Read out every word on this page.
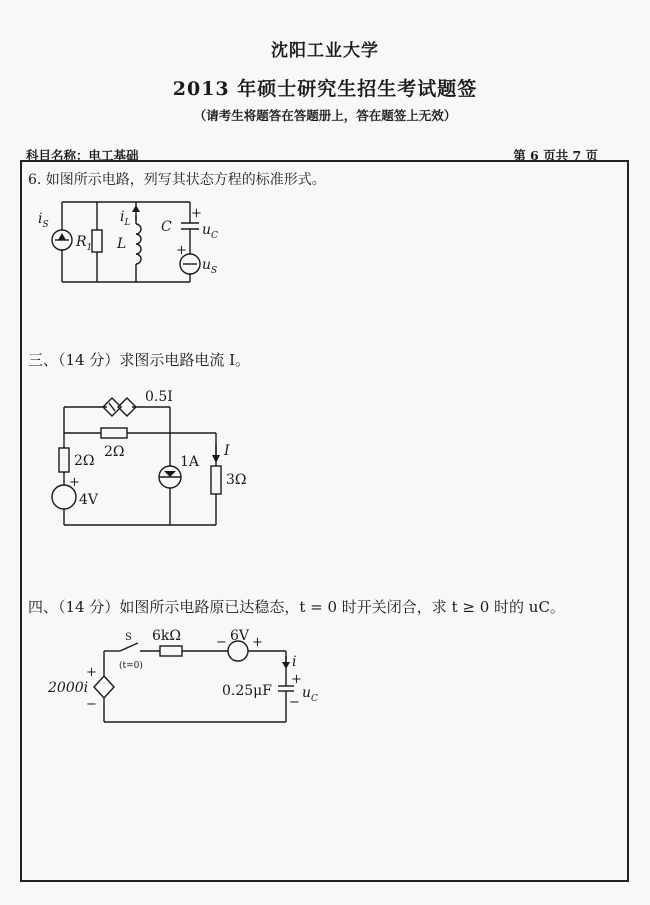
沈阳工业大学
2013 年硕士研究生招生考试题签
（请考生将题答在答题册上，答在题签上无效）
科目名称：电工基础	第 6 页共 7 页
6. 如图所示电路，列写其状态方程的标准形式。
三、（14 分）求图示电路电流 I。
四、（14 分）如图所示电路原已达稳态，t = 0 时开关闭合，求 t ≥ 0 时的 uC。
$i_S$
$R_1$
$i_L$
L
C
+
$u_C$
+
$u_S$
0.5I
2Ω
2Ω
+
4V
1A
I
3Ω
S
(t=0)
6kΩ	− 6V +
+
2000i
−
i
0.25μF
+
$u_C$
−
